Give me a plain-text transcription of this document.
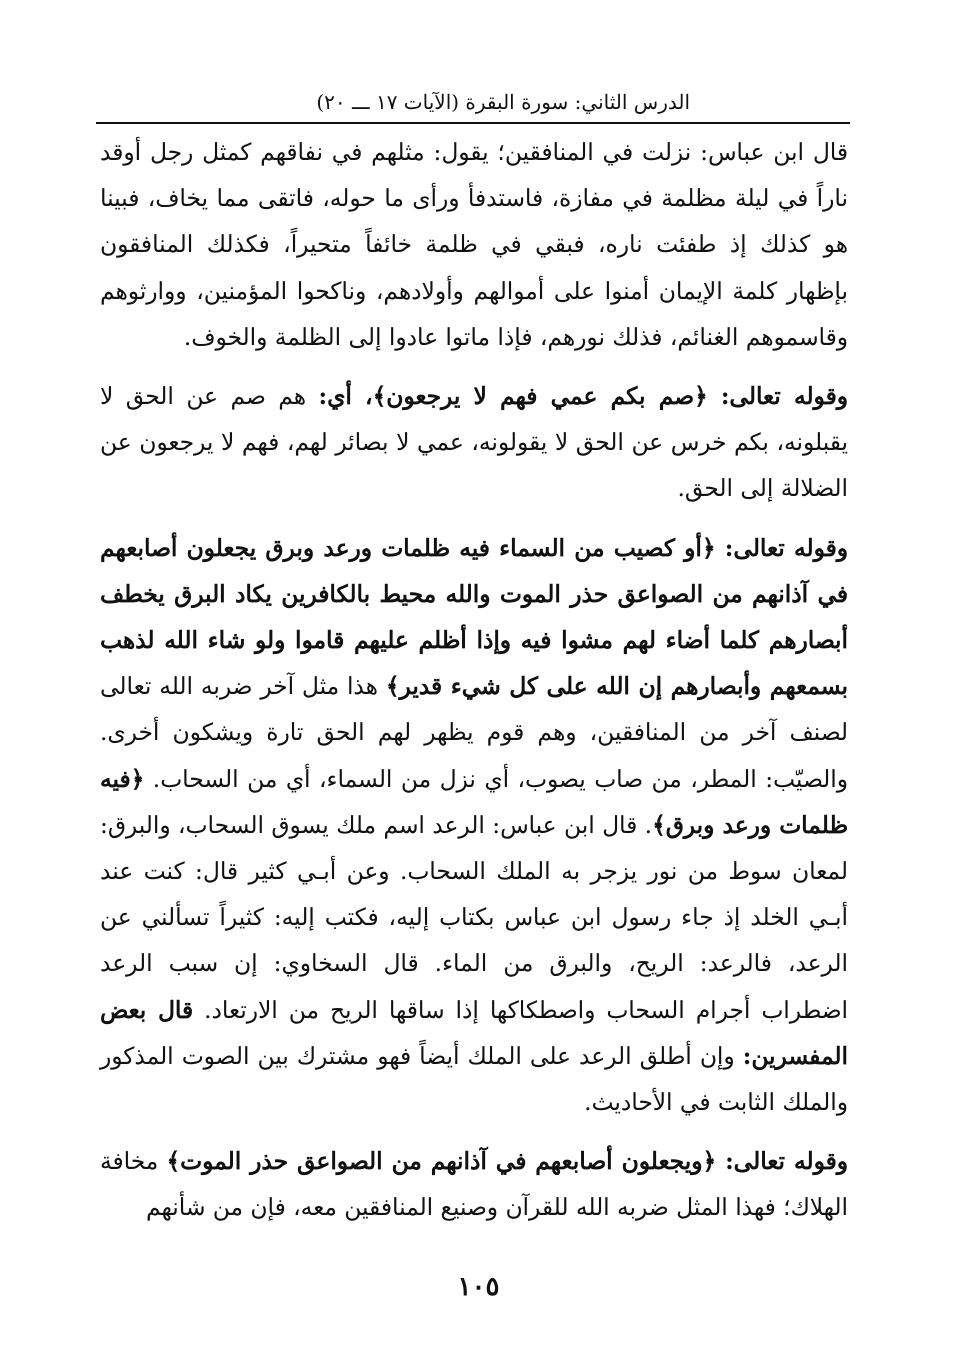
الدرس الثاني: سورة البقرة (الآيات ١٧ ـــ ٢٠)

قال ابن عباس: نزلت في المنافقين؛ يقول: مثلهم في نفاقهم كمثل رجل أوقد ناراً في ليلة مظلمة في مفازة، فاستدفأ ورأى ما حوله، فاتقى مما يخاف، فبينا هو كذلك إذ طفئت ناره، فبقي في ظلمة خائفاً متحيراً، فكذلك المنافقون بإظهار كلمة الإيمان أمنوا على أموالهم وأولادهم، وناكحوا المؤمنين، ووارثوهم وقاسموهم الغنائم، فذلك نورهم، فإذا ماتوا عادوا إلى الظلمة والخوف.

وقوله تعالى: ﴿صم بكم عمي فهم لا يرجعون﴾، أي: هم صم عن الحق لا يقبلونه، بكم خرس عن الحق لا يقولونه، عمي لا بصائر لهم، فهم لا يرجعون عن الضلالة إلى الحق.

وقوله تعالى: ﴿أو كصيب من السماء فيه ظلمات ورعد وبرق يجعلون أصابعهم في آذانهم من الصواعق حذر الموت والله محيط بالكافرين يكاد البرق يخطف أبصارهم كلما أضاء لهم مشوا فيه وإذا أظلم عليهم قاموا ولو شاء الله لذهب بسمعهم وأبصارهم إن الله على كل شيء قدير﴾ هذا مثل آخر ضربه الله تعالى لصنف آخر من المنافقين، وهم قوم يظهر لهم الحق تارة ويشكون أخرى. والصيّب: المطر، من صاب يصوب، أي نزل من السماء، أي من السحاب. ﴿فيه ظلمات ورعد وبرق﴾. قال ابن عباس: الرعد اسم ملك يسوق السحاب، والبرق: لمعان سوط من نور يزجر به الملك السحاب. وعن أبـي كثير قال: كنت عند أبـي الخلد إذ جاء رسول ابن عباس بكتاب إليه، فكتب إليه: كثيراً تسألني عن الرعد، فالرعد: الريح، والبرق من الماء. قال السخاوي: إن سبب الرعد اضطراب أجرام السحاب واصطكاكها إذا ساقها الريح من الارتعاد. قال بعض المفسرين: وإن أطلق الرعد على الملك أيضاً فهو مشترك بين الصوت المذكور والملك الثابت في الأحاديث.

وقوله تعالى: ﴿ويجعلون أصابعهم في آذانهم من الصواعق حذر الموت﴾ مخافة الهلاك؛ فهذا المثل ضربه الله للقرآن وصنيع المنافقين معه، فإن من شأنهم

١٠٥
